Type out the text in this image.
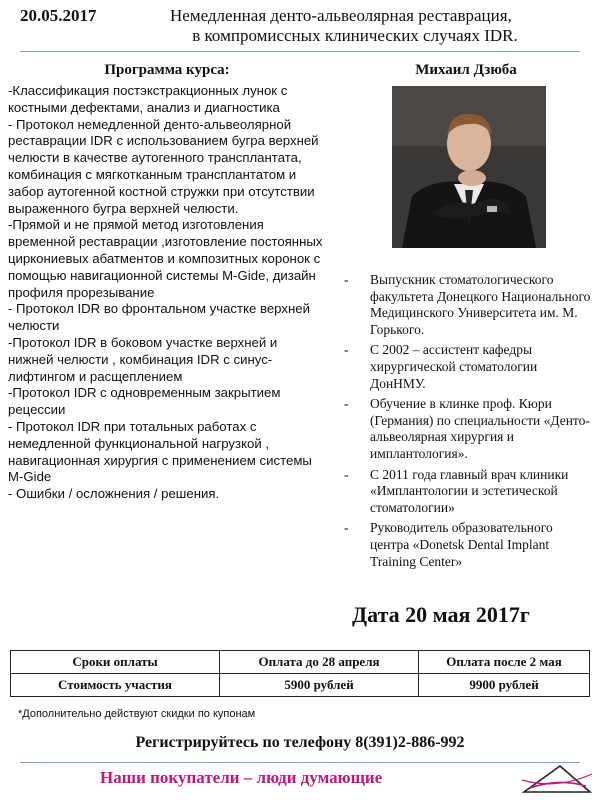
20.05.2017	Немедленная денто-альвеолярная реставрация,
в компромиссных клинических случаях IDR.
Программа курса:
-Классификация постэкстракционных лунок с костными дефектами, анализ и диагностика
- Протокол немедленной денто-альвеолярной реставрации IDR с использованием бугра верхней челюсти в качестве аутогенного трансплантата, комбинация с мягкотканным трансплантатом и забор аутогенной костной стружки при отсутствии выраженного бугра верхней челюсти.
-Прямой и не прямой метод изготовления временной реставрации ,изготовление постоянных циркониевых абатментов и композитных коронок с помощью навигационной системы M-Gide, дизайн профиля прорезывание
- Протокол IDR во фронтальном участке верхней челюсти
-Протокол IDR в боковом участке верхней и нижней челюсти , комбинация IDR с синус-лифтингом и расщеплением
-Протокол IDR с одновременным закрытием рецессии
- Протокол IDR при тотальных работах с немедленной функциональной нагрузкой , навигационная хирургия с применением системы M-Gide
- Ошибки / осложнения / решения.
Михаил Дзюба
- Выпускник стоматологического факультета Донецкого Национального Медицинского Университета им. М. Горького.
- С 2002 – ассистент кафедры хирургической стоматологии ДонНМУ.
- Обучение в клинке проф. Кюри (Германия) по специальности «Денто-альвеолярная хирургия и имплантология».
- С 2011 года главный врач клиники «Имплантологии и эстетической стоматологии»
- Руководитель образовательного центра «Donetsk Dental Implant Training Center»
Дата 20 мая 2017г
Сроки оплаты	Оплата до 28 апреля	Оплата после 2 мая
Стоимость участия	5900 рублей	9900 рублей
*Дополнительно действуют скидки по купонам
Регистрируйтесь по телефону 8(391)2-886-992
Наши покупатели – люди думающие
